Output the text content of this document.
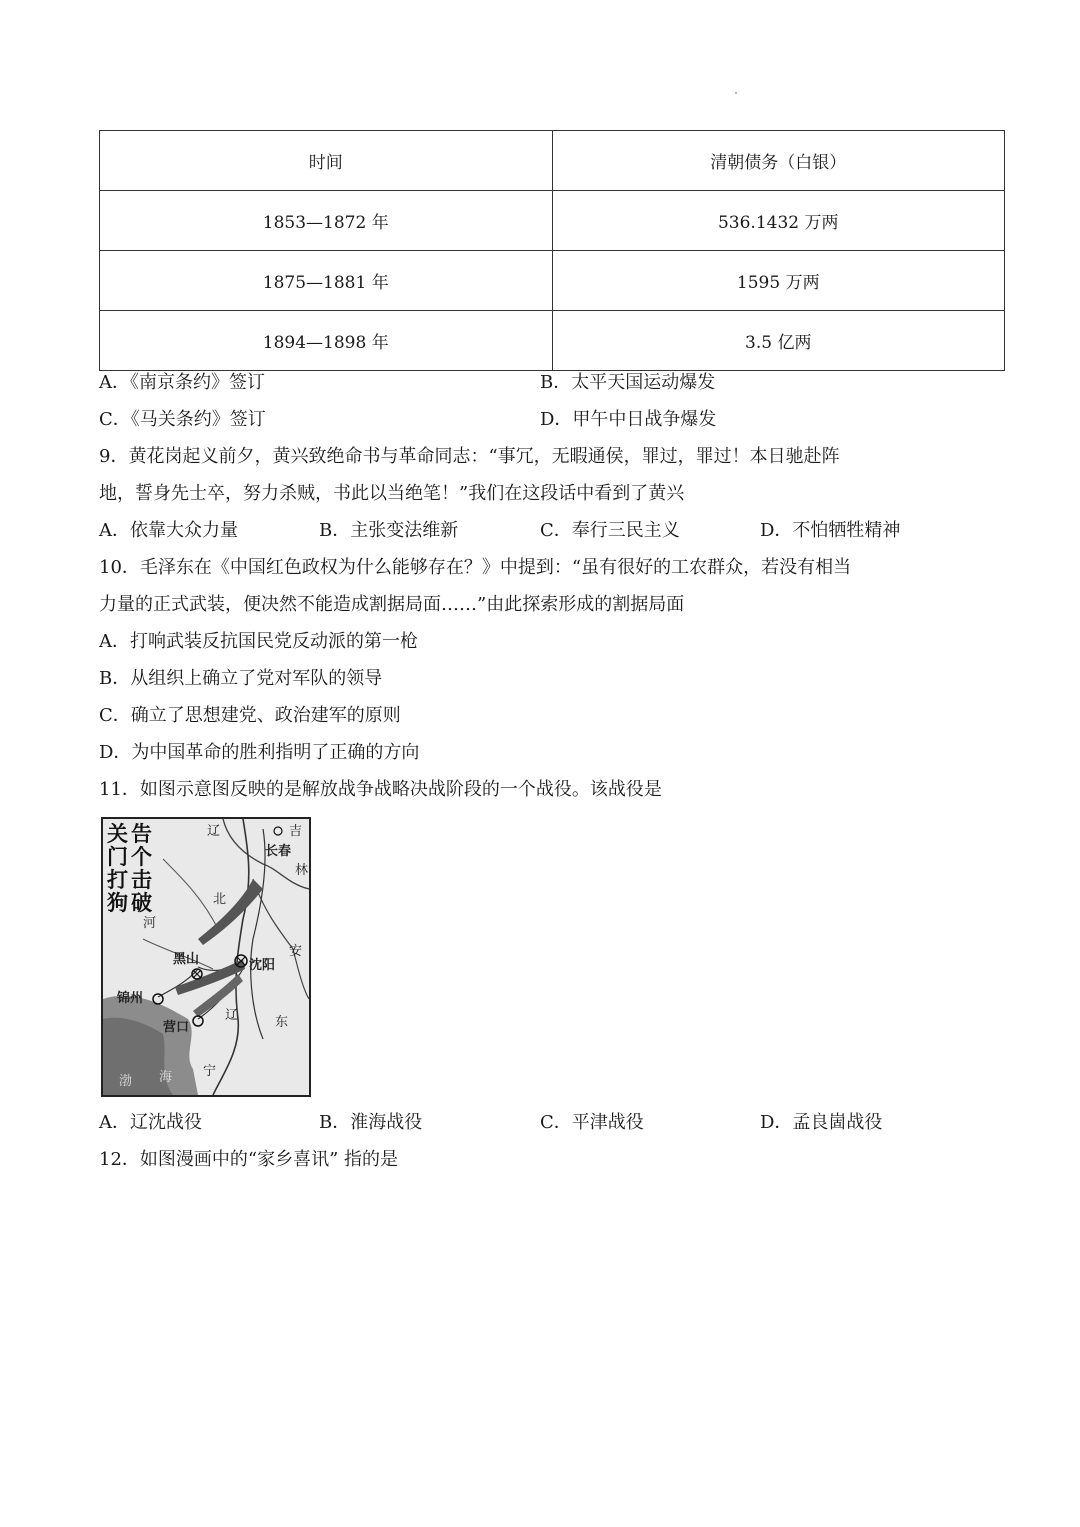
时间	清朝债务（白银）
1853—1872 年	536.1432 万两
1875—1881 年	1595 万两
1894—1898 年	3.5 亿两
A．《南京条约》签订	B．太平天国运动爆发
C．《马关条约》签订	D．甲午中日战争爆发
9．黄花岗起义前夕，黄兴致绝命书与革命同志：“事冗，无暇通侯，罪过，罪过！本日驰赴阵
地，誓身先士卒，努力杀贼，书此以当绝笔！”我们在这段话中看到了黄兴
A．依靠大众力量	B．主张变法维新	C．奉行三民主义	D．不怕牺牲精神
10．毛泽东在《中国红色政权为什么能够存在？》中提到：“虽有很好的工农群众，若没有相当
力量的正式武装，便决然不能造成割据局面……”由此探索形成的割据局面
A．打响武装反抗国民党反动派的第一枪
B．从组织上确立了党对军队的领导
C．确立了思想建党、政治建军的原则
D．为中国革命的胜利指明了正确的方向
11．如图示意图反映的是解放战争战略决战阶段的一个战役。该战役是
关 告
门 个
打 击
狗 破
辽	吉
长春
林
北
河
黑山	沈阳
安
锦州
营口
辽	东
宁
渤 海
A．辽沈战役	B．淮海战役	C．平津战役	D．孟良崮战役
12．如图漫画中的“家乡喜讯” 指的是
